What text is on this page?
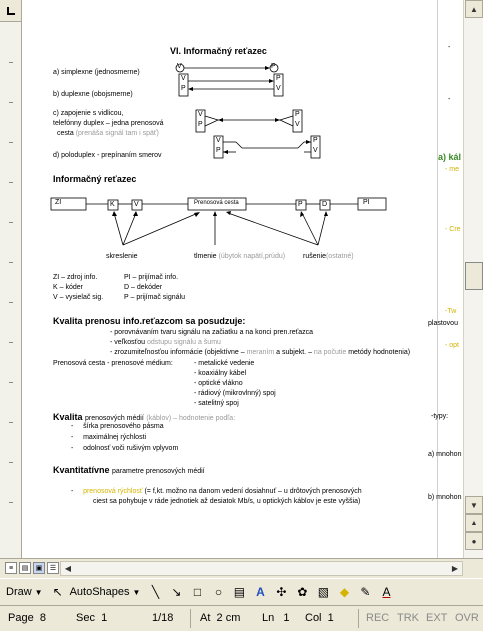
VI. Informačný reťazec
a) simplexne (jednosmerne)
b) duplexne (obojsmerne)
c) zapojenie s vidlicou,
telefónny duplex – jedna prenosová
cesta (prenáša signál tam i späť)
d) poloduplex - prepínaním smerov
V	P
V
P
P
V
V
P
P
V
V
P
P
V
Informačný reťazec
ZI	K	V	Prenosová cesta	P	D	PI
skreslenie	tlmenie (úbytok napätí,prúdu)	rušenie(ostatné)
ZI – zdroj info.	PI – prijímač info.
K – kóder	D – dekóder
V – vysielač sig.	P – prijímač signálu
Kvalita prenosu info.reťazcom sa posudzuje:
- porovnávaním tvaru signálu na začiatku a na konci pren.reťazca
- veľkosťou odstupu signálu a šumu
- zrozumiteľnosťou informácie (objektívne – meraním a subjekt. – na počutie metódy hodnotenia)
Prenosová cesta - prenosové médium:	- metalické vedenie
- koaxiálny kábel
- optické vlákno
- rádiový (mikrovlnný) spoj
- satelitný spoj
Kvalita prenosových médií (káblov) – hodnotenie podľa:
-     šírka prenosového pásma
-     maximálnej rýchlosti
-     odolnosť voči rušivým vplyvom
Kvantitatívne parametre prenosových médií
-     prenosová rýchlosť (= f,kt. možno na danom vedení dosiahnuť – u drôtových prenosových
ciest sa pohybuje v ráde jednotiek až desiatok Mb/s, u optických káblov je este vyššia)
-
-
a) kál
- me
- Cre
-Tw
plastovou
- opt
-typy:
a) mnohon
b) mnohon
▲
▼
▲
●
≡ ▤ ▣ ☰ ◀	▶
Draw ▼ ↖ AutoShapes ▼ ╲	↘	□	○ ▤ A ✣ ✿ ▧ ◆ ✎ A
Page 8	Sec 1	1/18 At 2 cm Ln 1 Col 1	REC TRK EXT OVR
